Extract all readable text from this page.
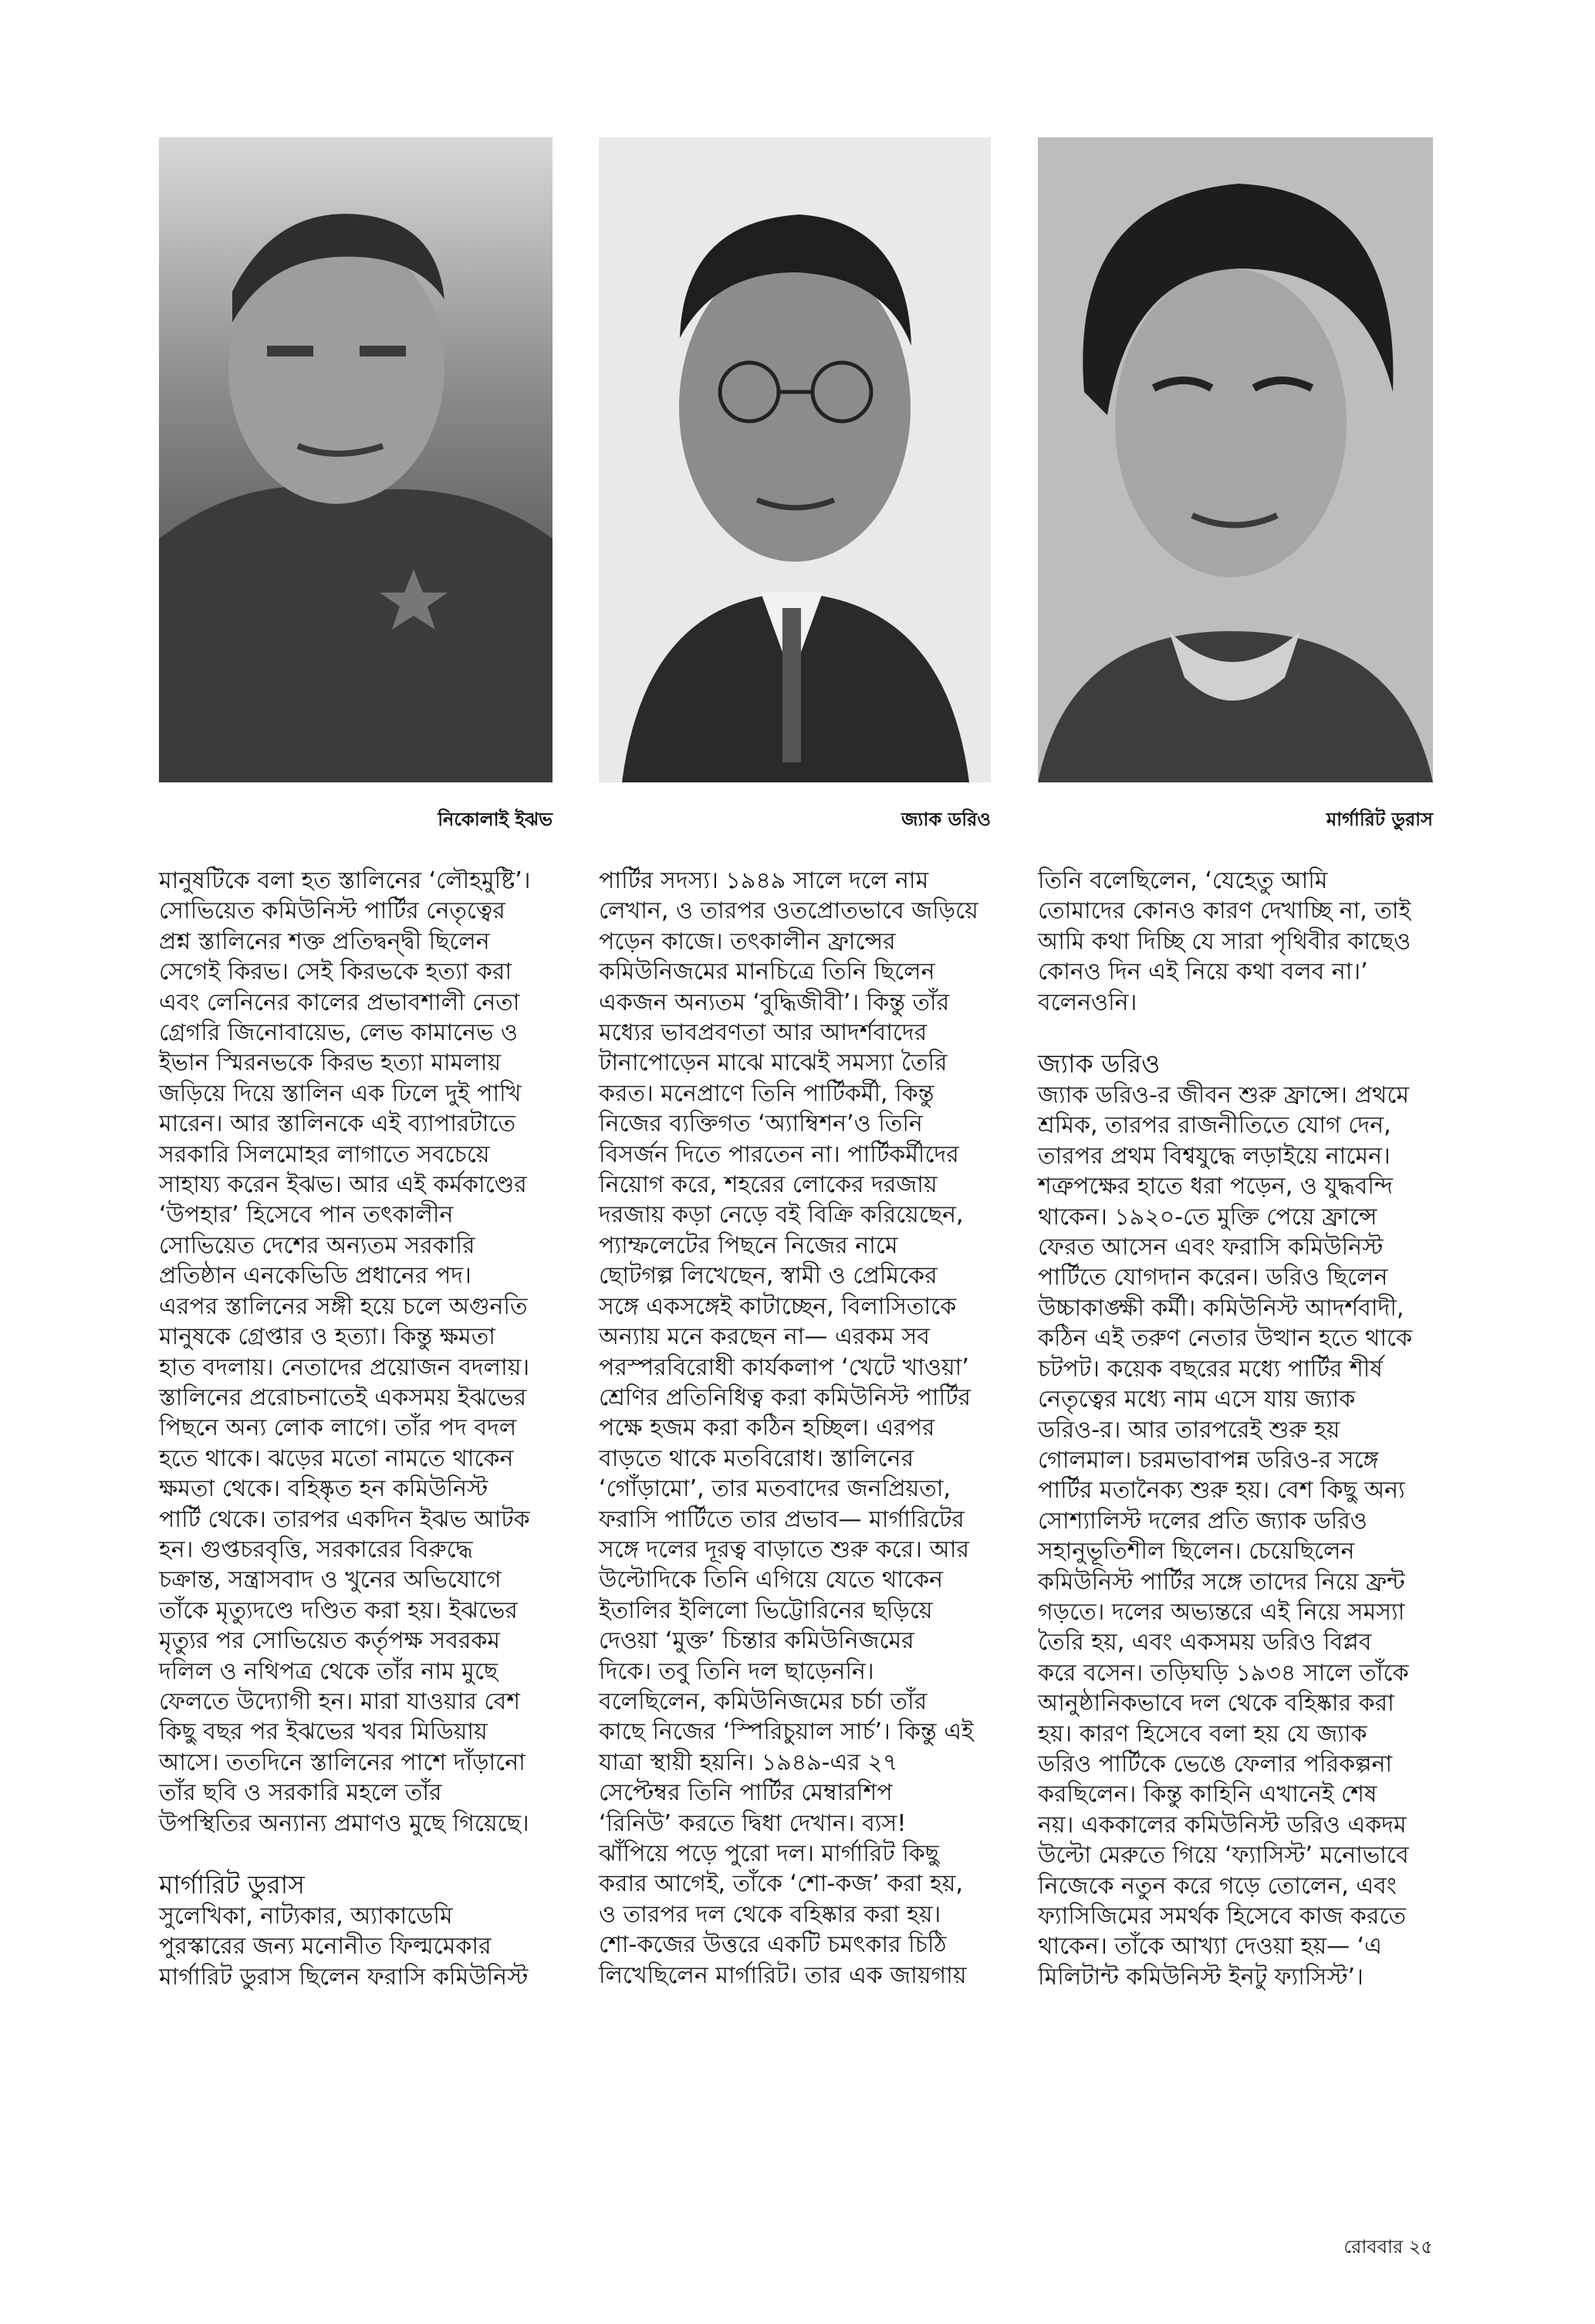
নিকোলাই ইঝভ	জ্যাক ডরিও	মার্গারিট ডুরাস

মানুষটিকে বলা হত স্তালিনের ‘লৌহমুষ্টি’।

সোভিয়েত কমিউনিস্ট পার্টির নেতৃত্বের

প্রশ্ন স্তালিনের শক্ত প্রতিদ্বন্দ্বী ছিলেন

সেগেই কিরভ। সেই কিরভকে হত্যা করা

এবং লেনিনের কালের প্রভাবশালী নেতা

গ্রেগরি জিনোবায়েভ, লেভ কামানেভ ও

ইভান স্মিরনভকে কিরভ হত্যা মামলায়

জড়িয়ে দিয়ে স্তালিন এক ঢিলে দুই পাখি

মারেন। আর স্তালিনকে এই ব্যাপারটাতে

সরকারি সিলমোহর লাগাতে সবচেয়ে

সাহায্য করেন ইঝভ। আর এই কর্মকাণ্ডের

‘উপহার’ হিসেবে পান তৎকালীন

সোভিয়েত দেশের অন্যতম সরকারি

প্রতিষ্ঠান এনকেভিডি প্রধানের পদ।

এরপর স্তালিনের সঙ্গী হয়ে চলে অগুনতি

মানুষকে গ্রেপ্তার ও হত্যা। কিন্তু ক্ষমতা

হাত বদলায়। নেতাদের প্রয়োজন বদলায়।

স্তালিনের প্ররোচনাতেই একসময় ইঝভের

পিছনে অন্য লোক লাগে। তাঁর পদ বদল

হতে থাকে। ঝড়ের মতো নামতে থাকেন

ক্ষমতা থেকে। বহিষ্কৃত হন কমিউনিস্ট

পার্টি থেকে। তারপর একদিন ইঝভ আটক

হন। গুপ্তচরবৃত্তি, সরকারের বিরুদ্ধে

চক্রান্ত, সন্ত্রাসবাদ ও খুনের অভিযোগে

তাঁকে মৃত্যুদণ্ডে দণ্ডিত করা হয়। ইঝভের

মৃত্যুর পর সোভিয়েত কর্তৃপক্ষ সবরকম

দলিল ও নথিপত্র থেকে তাঁর নাম মুছে

ফেলতে উদ্যোগী হন। মারা যাওয়ার বেশ

কিছু বছর পর ইঝভের খবর মিডিয়ায়

আসে। ততদিনে স্তালিনের পাশে দাঁড়ানো

তাঁর ছবি ও সরকারি মহলে তাঁর

উপস্থিতির অন্যান্য প্রমাণও মুছে গিয়েছে।

মার্গারিট ডুরাস

সুলেখিকা, নাট্যকার, অ্যাকাডেমি

পুরস্কারের জন্য মনোনীত ফিল্মমেকার

মার্গারিট ডুরাস ছিলেন ফরাসি কমিউনিস্ট

পার্টির সদস্য। ১৯৪৯ সালে দলে নাম

লেখান, ও তারপর ওতপ্রোতভাবে জড়িয়ে

পড়েন কাজে। তৎকালীন ফ্রান্সের

কমিউনিজমের মানচিত্রে তিনি ছিলেন

একজন অন্যতম ‘বুদ্ধিজীবী’। কিন্তু তাঁর

মধ্যের ভাবপ্রবণতা আর আদর্শবাদের

টানাপোড়েন মাঝে মাঝেই সমস্যা তৈরি

করত। মনেপ্রাণে তিনি পার্টিকর্মী, কিন্তু

নিজের ব্যক্তিগত ‘অ্যাম্বিশন’ও তিনি

বিসর্জন দিতে পারতেন না। পার্টিকর্মীদের

নিয়োগ করে, শহরের লোকের দরজায়

দরজায় কড়া নেড়ে বই বিক্রি করিয়েছেন,

প্যাম্ফলেটের পিছনে নিজের নামে

ছোটগল্প লিখেছেন, স্বামী ও প্রেমিকের

সঙ্গে একসঙ্গেই কাটাচ্ছেন, বিলাসিতাকে

অন্যায় মনে করছেন না— এরকম সব

পরস্পরবিরোধী কার্যকলাপ ‘খেটে খাওয়া’

শ্রেণির প্রতিনিধিত্ব করা কমিউনিস্ট পার্টির

পক্ষে হজম করা কঠিন হচ্ছিল। এরপর

বাড়তে থাকে মতবিরোধ। স্তালিনের

‘গোঁড়ামো’, তার মতবাদের জনপ্রিয়তা,

ফরাসি পার্টিতে তার প্রভাব— মার্গারিটের

সঙ্গে দলের দূরত্ব বাড়াতে শুরু করে। আর

উল্টোদিকে তিনি এগিয়ে যেতে থাকেন

ইতালির ইলিলো ভিট্টোরিনের ছড়িয়ে

দেওয়া ‘মুক্ত’ চিন্তার কমিউনিজমের

দিকে। তবু তিনি দল ছাড়েননি।

বলেছিলেন, কমিউনিজমের চর্চা তাঁর

কাছে নিজের ‘স্পিরিচুয়াল সার্চ’। কিন্তু এই

যাত্রা স্থায়ী হয়নি। ১৯৪৯-এর ২৭

সেপ্টেম্বর তিনি পার্টির মেম্বারশিপ

‘রিনিউ’ করতে দ্বিধা দেখান। ব্যস!

ঝাঁপিয়ে পড়ে পুরো দল। মার্গারিট কিছু

করার আগেই, তাঁকে ‘শো-কজ’ করা হয়,

ও তারপর দল থেকে বহিষ্কার করা হয়।

শো-কজের উত্তরে একটি চমৎকার চিঠি

লিখেছিলেন মার্গারিট। তার এক জায়গায়

তিনি বলেছিলেন, ‘যেহেতু আমি

তোমাদের কোনও কারণ দেখাচ্ছি না, তাই

আমি কথা দিচ্ছি যে সারা পৃথিবীর কাছেও

কোনও দিন এই নিয়ে কথা বলব না।’

বলেনওনি।

জ্যাক ডরিও

জ্যাক ডরিও-র জীবন শুরু ফ্রান্সে। প্রথমে

শ্রমিক, তারপর রাজনীতিতে যোগ দেন,

তারপর প্রথম বিশ্বযুদ্ধে লড়াইয়ে নামেন।

শত্রুপক্ষের হাতে ধরা পড়েন, ও যুদ্ধবন্দি

থাকেন। ১৯২০-তে মুক্তি পেয়ে ফ্রান্সে

ফেরত আসেন এবং ফরাসি কমিউনিস্ট

পার্টিতে যোগদান করেন। ডরিও ছিলেন

উচ্চাকাঙ্ক্ষী কর্মী। কমিউনিস্ট আদর্শবাদী,

কঠিন এই তরুণ নেতার উত্থান হতে থাকে

চটপট। কয়েক বছরের মধ্যে পার্টির শীর্ষ

নেতৃত্বের মধ্যে নাম এসে যায় জ্যাক

ডরিও-র। আর তারপরেই শুরু হয়

গোলমাল। চরমভাবাপন্ন ডরিও-র সঙ্গে

পার্টির মতানৈক্য শুরু হয়। বেশ কিছু অন্য

সোশ্যালিস্ট দলের প্রতি জ্যাক ডরিও

সহানুভূতিশীল ছিলেন। চেয়েছিলেন

কমিউনিস্ট পার্টির সঙ্গে তাদের নিয়ে ফ্রন্ট

গড়তে। দলের অভ্যন্তরে এই নিয়ে সমস্যা

তৈরি হয়, এবং একসময় ডরিও বিপ্লব

করে বসেন। তড়িঘড়ি ১৯৩৪ সালে তাঁকে

আনুষ্ঠানিকভাবে দল থেকে বহিষ্কার করা

হয়। কারণ হিসেবে বলা হয় যে জ্যাক

ডরিও পার্টিকে ভেঙে ফেলার পরিকল্পনা

করছিলেন। কিন্তু কাহিনি এখানেই শেষ

নয়। এককালের কমিউনিস্ট ডরিও একদম

উল্টো মেরুতে গিয়ে ‘ফ্যাসিস্ট’ মনোভাবে

নিজেকে নতুন করে গড়ে তোলেন, এবং

ফ্যাসিজিমের সমর্থক হিসেবে কাজ করতে

থাকেন। তাঁকে আখ্যা দেওয়া হয়— ‘এ

মিলিটান্ট কমিউনিস্ট ইনটু ফ্যাসিস্ট’।

রোববার ২৫
